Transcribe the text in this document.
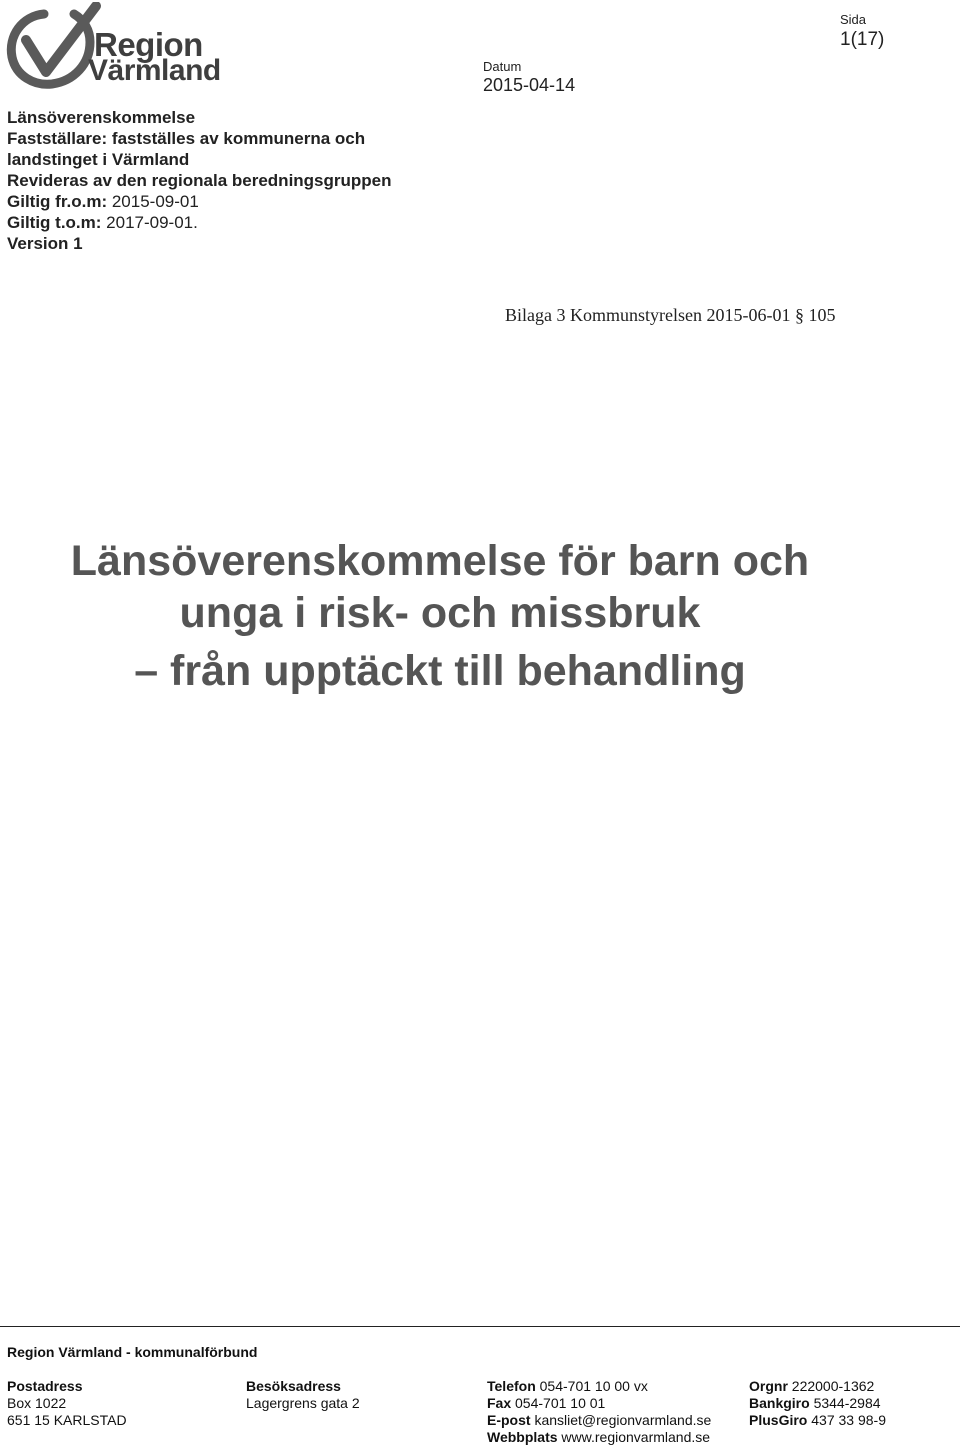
Region
Värmland	Datum
2015-04-14
Sida
1(17)
Länsöverenskommelse
Fastställare: fastställes av kommunerna och
landstinget i Värmland
Revideras av den regionala beredningsgruppen
Giltig fr.o.m: 2015-09-01
Giltig t.o.m: 2017-09-01.
Version 1
Bilaga 3 Kommunstyrelsen 2015-06-01 § 105
Länsöverenskommelse för barn och
unga i risk- och missbruk
– från upptäckt till behandling
Region Värmland - kommunalförbund
Postadress
Box 1022
651 15 KARLSTAD
Besöksadress
Lagergrens gata 2
Telefon 054-701 10 00 vx
Fax 054-701 10 01
E-post kansliet@regionvarmland.se
Webbplats www.regionvarmland.se
Orgnr 222000-1362
Bankgiro 5344-2984
PlusGiro 437 33 98-9
